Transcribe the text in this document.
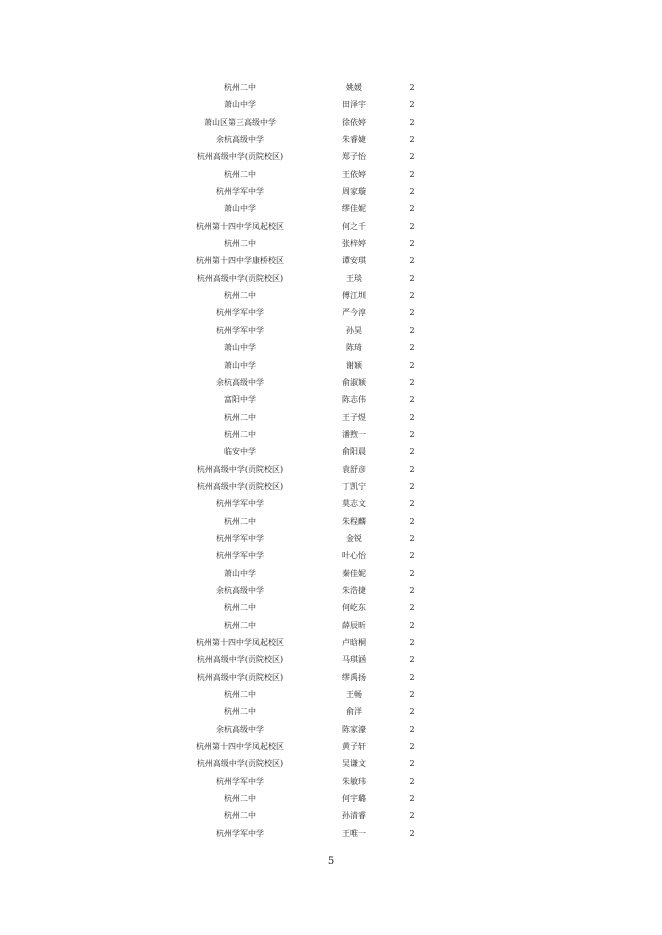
杭州二中	姚媛	2
萧山中学	田泽宇	2
萧山区第三高级中学	徐依婷	2
余杭高级中学	朱睿婕	2
杭州高级中学(贡院校区)	郑子怡	2
杭州二中	王依婷	2
杭州学军中学	周家璇	2
萧山中学	缪佳妮	2
杭州第十四中学凤起校区	何之千	2
杭州二中	张梓婷	2
杭州第十四中学康桥校区	谭安琪	2
杭州高级中学(贡院校区)	王琰	2
杭州二中	傅江圳	2
杭州学军中学	严今淳	2
杭州学军中学	孙昊	2
萧山中学	陈琦	2
萧山中学	谢颖	2
余杭高级中学	俞淑颖	2
富阳中学	陈志伟	2
杭州二中	王子煜	2
杭州二中	潘煦一	2
临安中学	俞阳晨	2
杭州高级中学(贡院校区)	袁舒彦	2
杭州高级中学(贡院校区)	丁凯宁	2
杭州学军中学	莫志文	2
杭州二中	朱程麟	2
杭州学军中学	金锐	2
杭州学军中学	叶心怡	2
萧山中学	秦佳妮	2
余杭高级中学	朱浩捷	2
杭州二中	何屹东	2
杭州二中	薛辰昕	2
杭州第十四中学凤起校区	卢晗桐	2
杭州高级中学(贡院校区)	马琪涵	2
杭州高级中学(贡院校区)	缪禹扬	2
杭州二中	王畅	2
杭州二中	俞洋	2
余杭高级中学	陈家濠	2
杭州第十四中学凤起校区	黄子轩	2
杭州高级中学(贡院校区)	吴谦文	2
杭州学军中学	朱敏玮	2
杭州二中	何宇璐	2
杭州二中	孙清睿	2
杭州学军中学	王唯一	2
5
